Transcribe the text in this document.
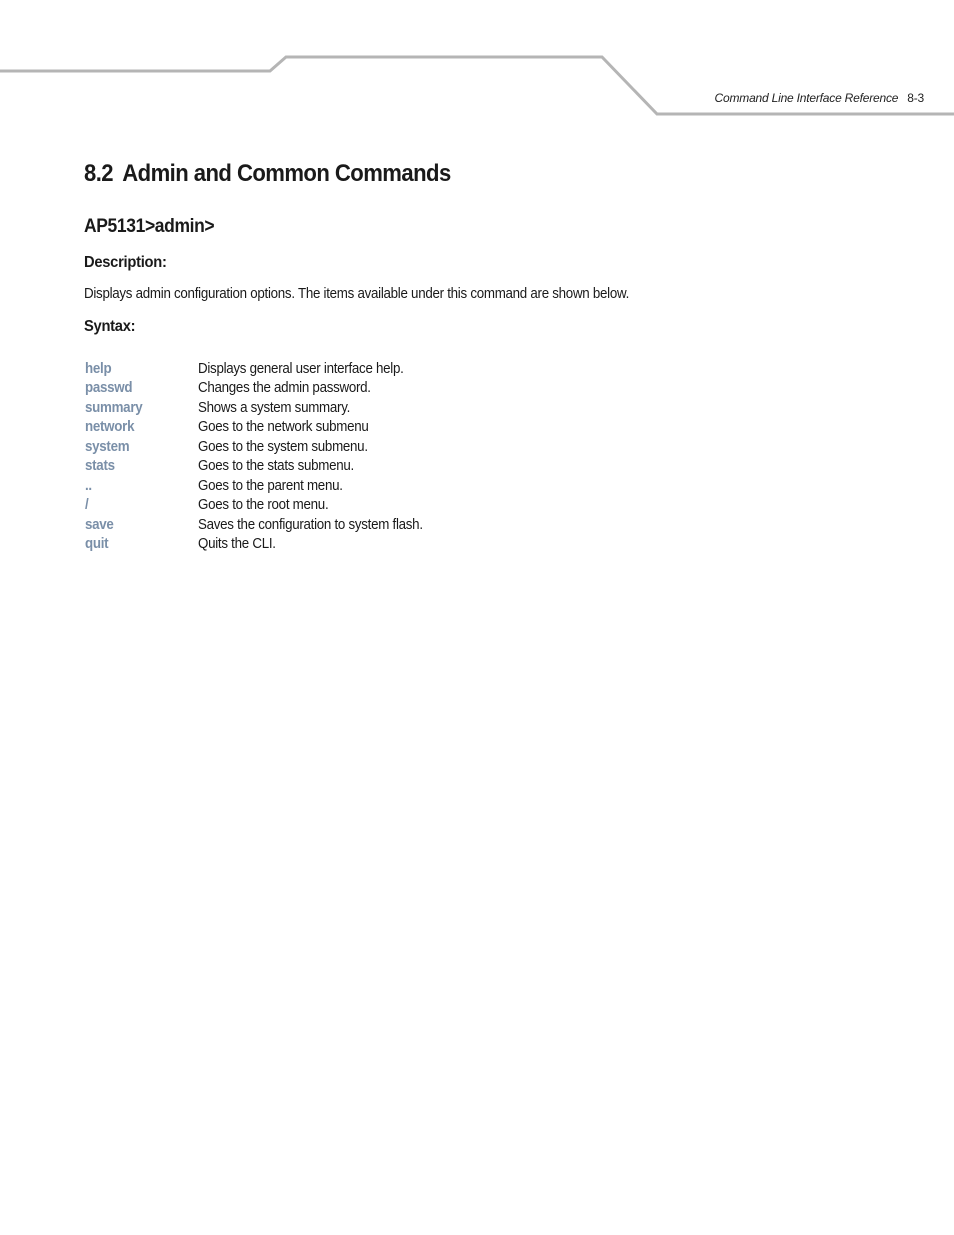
Command Line Interface Reference 8-3
8.2 Admin and Common Commands
AP5131>admin>
Description:

Displays admin configuration options. The items available under this command are shown below.

Syntax:
help	Displays general user interface help.
passwd	Changes the admin password.
summary	Shows a system summary.
network	Goes to the network submenu
system	Goes to the system submenu.
stats	Goes to the stats submenu.
..	Goes to the parent menu.
/	Goes to the root menu.
save	Saves the configuration to system flash.
quit	Quits the CLI.
